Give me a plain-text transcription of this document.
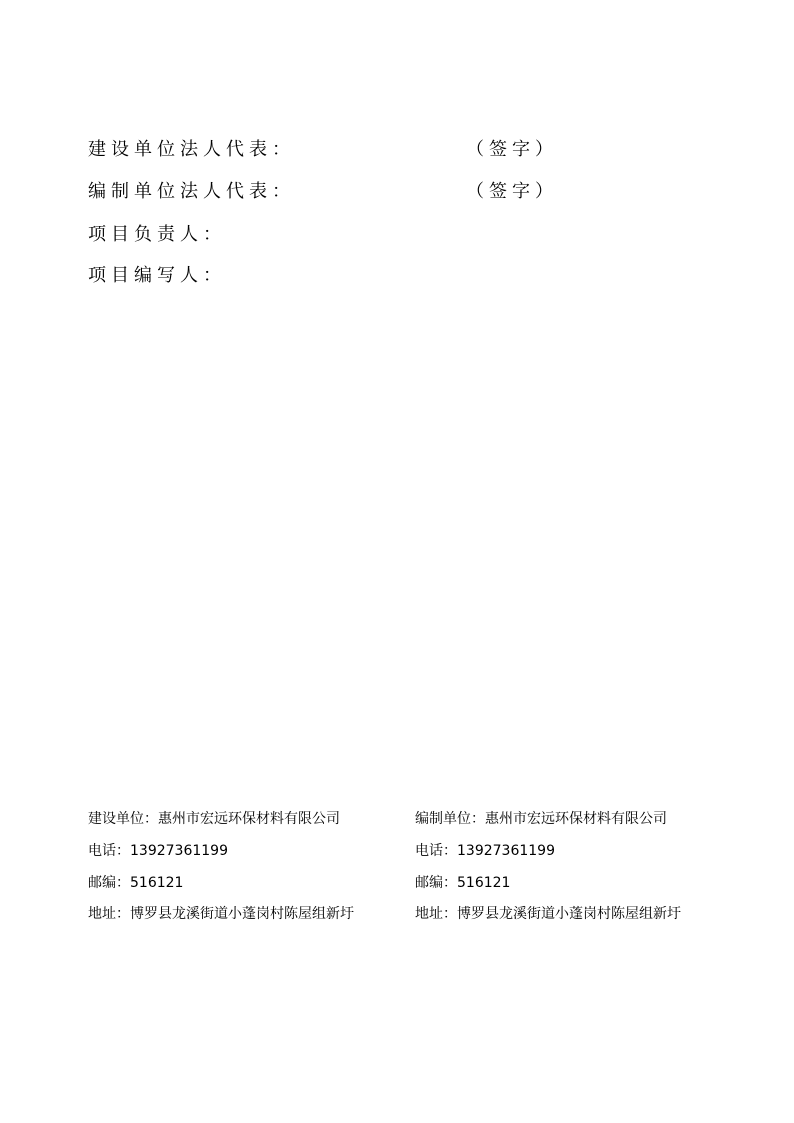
建设单位法人代表：	（签字）
编制单位法人代表：	（签字）
项目负责人：
项目编写人：
建设单位：惠州市宏远环保材料有限公司
电话：13927361199
邮编：516121
地址：博罗县龙溪街道小蓬岗村陈屋组新圩
编制单位：惠州市宏远环保材料有限公司
电话：13927361199
邮编：516121
地址：博罗县龙溪街道小蓬岗村陈屋组新圩
